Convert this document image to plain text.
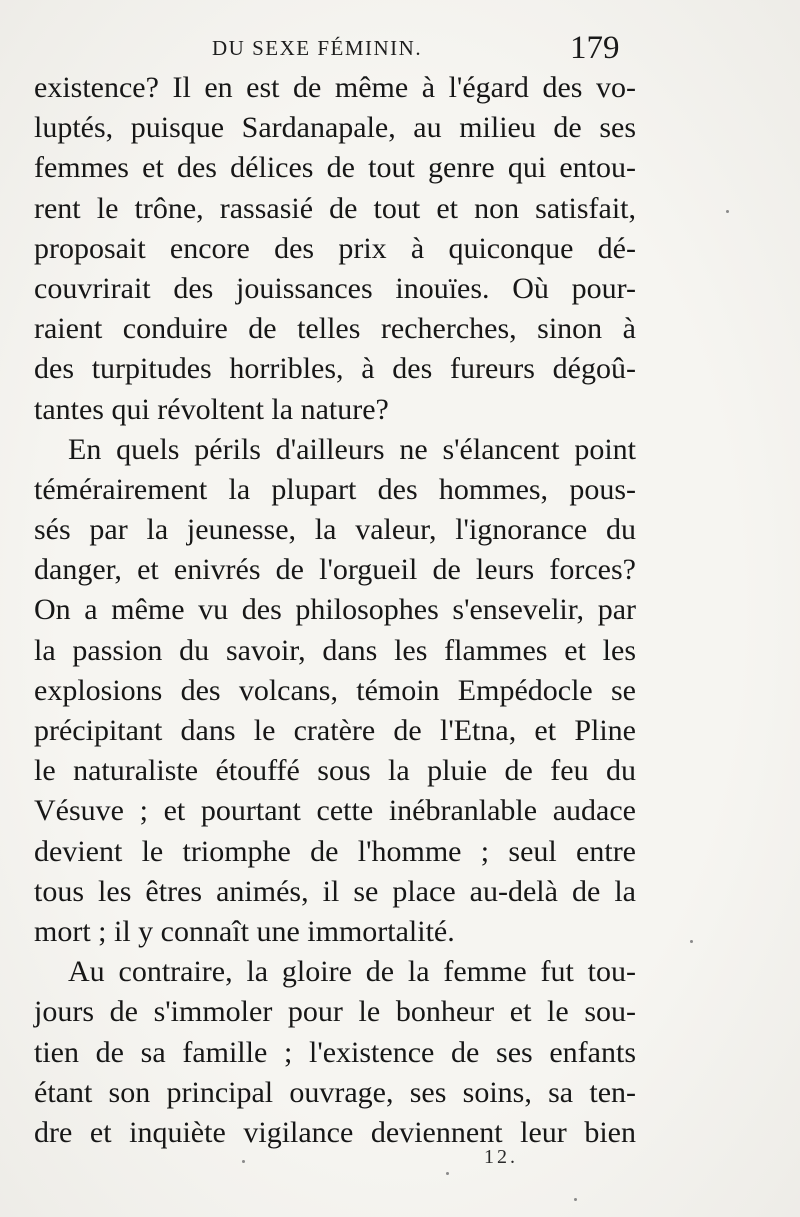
DU SEXE FÉMININ.	179
existence? Il en est de même à l'égard des vo-
luptés, puisque Sardanapale, au milieu de ses
femmes et des délices de tout genre qui entou-
rent le trône, rassasié de tout et non satisfait,
proposait encore des prix à quiconque dé-
couvrirait des jouissances inouïes. Où pour-
raient conduire de telles recherches, sinon à
des turpitudes horribles, à des fureurs dégoû-
tantes qui révoltent la nature?
En quels périls d'ailleurs ne s'élancent point
témérairement la plupart des hommes, pous-
sés par la jeunesse, la valeur, l'ignorance du
danger, et enivrés de l'orgueil de leurs forces?
On a même vu des philosophes s'ensevelir, par
la passion du savoir, dans les flammes et les
explosions des volcans, témoin Empédocle se
précipitant dans le cratère de l'Etna, et Pline
le naturaliste étouffé sous la pluie de feu du
Vésuve ; et pourtant cette inébranlable audace
devient le triomphe de l'homme ; seul entre
tous les êtres animés, il se place au-delà de la
mort ; il y connaît une immortalité.
Au contraire, la gloire de la femme fut tou-
jours de s'immoler pour le bonheur et le sou-
tien de sa famille ; l'existence de ses enfants
étant son principal ouvrage, ses soins, sa ten-
dre et inquiète vigilance deviennent leur bien
12.
